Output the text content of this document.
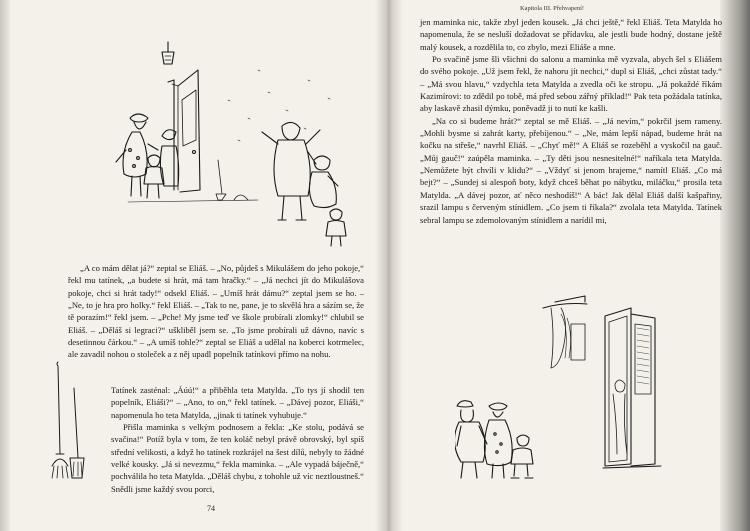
„A co mám dělat já?“ zeptal se Eliáš. – „No, půjdeš s Mikulášem do jeho pokoje,“ řekl mu tatínek, „a budete si hrát, má tam hračky.“ – „Já nechci jít do Mikulášova pokoje, chci si hrát tady!“ odsekl Eliáš. – „Umíš hrát dámu?“ zeptal jsem se ho. – „Ne, to je hra pro holky.“ řekl Eliáš. – „Tak to ne, pane, je to skvělá hra a sázím se, že tě porazím!“ řekl jsem. – „Pche! My jsme teď ve škole probírali zlomky!“ chlubil se Eliáš. – „Děláš si legraci?“ uškliběl jsem se. „To jsme probírali už dávno, navíc s desetinnou čárkou.“ – „A umíš tohle?“ zeptal se Eliáš a udělal na koberci kotrmelec, ale zavadil nohou o stoleček a z něj upadl popelník tatínkovi přímo na nohu.

Tatínek zasténal: „Áúú!“ a přiběhla teta Matylda. „To tys jí shodil ten popelník, Eliáši?“ – „Ano, to on,“ řekl tatínek. – „Dávej pozor, Eliáši,“ napomenula ho teta Matylda, „jinak ti tatínek vyhubuje.“

Přišla maminka s velkým podnosem a řekla: „Ke stolu, podává se svačina!“ Potíž byla v tom, že ten koláč nebyl právě obrovský, byl spíš střední velikosti, a když ho tatínek rozkrájel na šest dílů, nebyly to žádné velké kousky. „Já si nevezmu,“ řekla maminka. – „Ale vypadá báječně,“ pochválila ho teta Matylda. „Děláš chybu, z tohohle už víc neztloustneš.“ Snědli jsme každý svou porci,

74
Kapitola III. Přehvapení!

jen maminka nic, takže zbyl jeden kousek. „Já chci ještě,“ řekl Eliáš. Teta Matylda ho napomenula, že se nesluší dožadovat se přídavku, ale jestli bude hodný, dostane ještě malý kousek, a rozdělila to, co zbylo, mezi Eliáše a mne.

Po svačině jsme šli všichni do salonu a maminka mě vyzvala, abych šel s Eliášem do svého pokoje. „Už jsem řekl, že nahoru jít nechci,“ dupl si Eliáš, „chci zůstat tady.“ – „Má svou hlavu,“ vzdychla teta Matylda a zvedla oči ke stropu. „Já pokaždé říkám Kazimírovi: to zdědil po tobě, má před sebou zářný příklad!“ Pak teta požádala tatínka, aby laskavě zhasil dýmku, poněvadž ji to nutí ke kašli.

„Na co si budeme hrát?“ zeptal se mě Eliáš. – „Já nevím,“ pokrčil jsem rameny. „Mohli bysme si zahrát karty, přebíjenou.“ – „Ne, mám lepší nápad, budeme hrát na kočku na střeše,“ navrhl Eliáš. – „Chyť mě!“ A Eliáš se rozeběhl a vyskočil na gauč. „Můj gauč!“ zaúpěla maminka. – „Ty děti jsou nesnesitelné!“ naříkala teta Matylda. „Nemůžete být chvíli v klidu?“ – „Vždyť si jenom hrajeme,“ namítl Eliáš. „Co má bejt?“ – „Sundej si alespoň boty, když chceš běhat po nábytku, miláčku,“ prosila teta Matylda. „A dávej pozor, ať něco neshodíš!“ A bác! Jak dělal Eliáš další kašpařiny, srazil lampu s červeným stínidlem. „Co jsem ti říkala?“ zvolala teta Matylda. Tatínek sebral lampu se zdemolovaným stínidlem a narídil mi,
